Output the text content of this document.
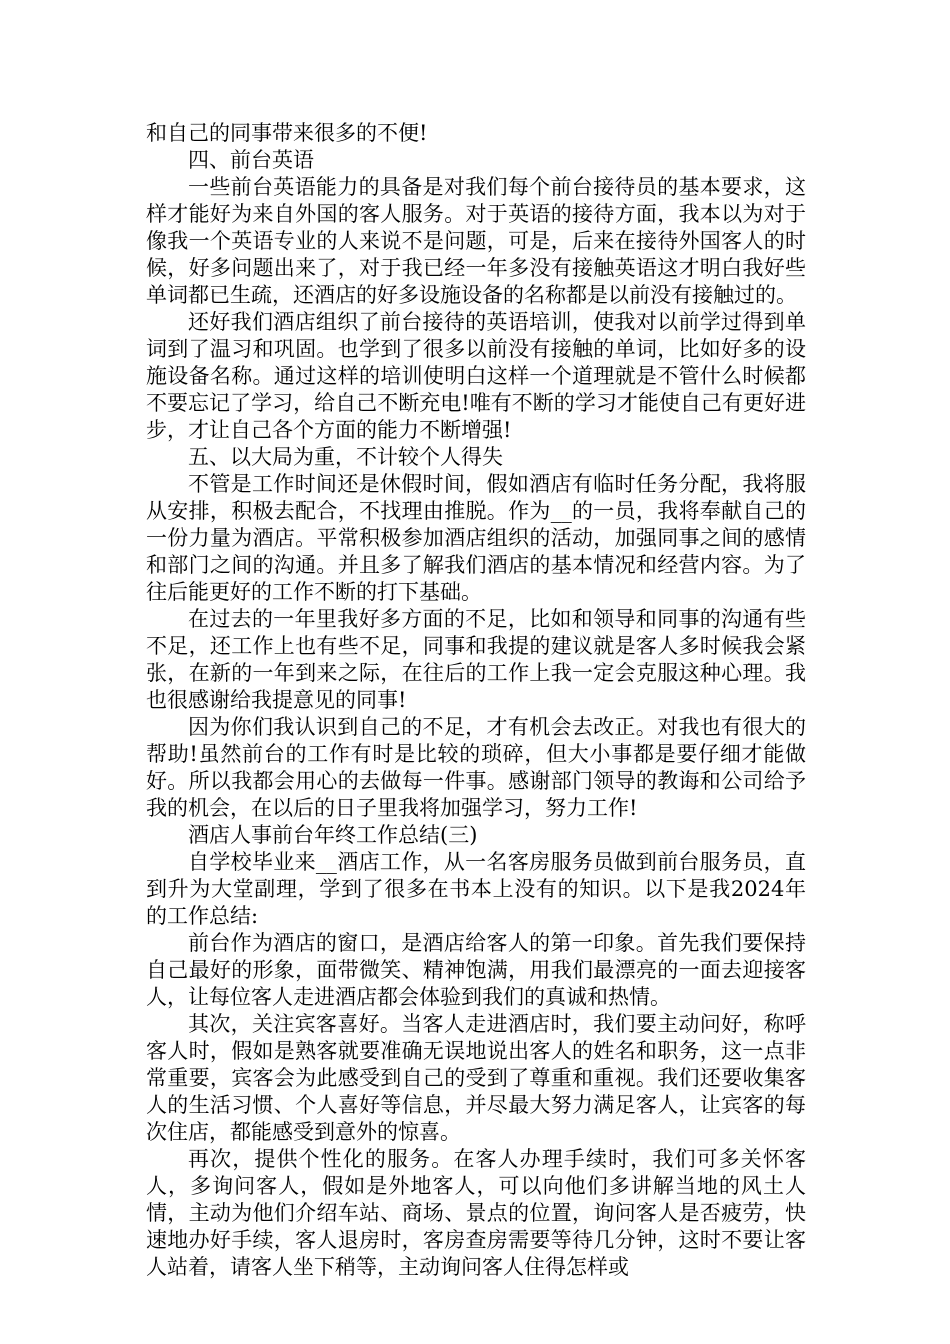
和自己的同事带来很多的不便!

四、前台英语

一些前台英语能力的具备是对我们每个前台接待员的基本要求，这样才能好为来自外国的客人服务。对于英语的接待方面，我本以为对于像我一个英语专业的人来说不是问题，可是，后来在接待外国客人的时候，好多问题出来了，对于我已经一年多没有接触英语这才明白我好些单词都已生疏，还酒店的好多设施设备的名称都是以前没有接触过的。

还好我们酒店组织了前台接待的英语培训，使我对以前学过得到单词到了温习和巩固。也学到了很多以前没有接触的单词，比如好多的设施设备名称。通过这样的培训使明白这样一个道理就是不管什么时候都不要忘记了学习，给自己不断充电!唯有不断的学习才能使自己有更好进步，才让自己各个方面的能力不断增强!

五、以大局为重，不计较个人得失

不管是工作时间还是休假时间，假如酒店有临时任务分配，我将服从安排，积极去配合，不找理由推脱。作为__的一员，我将奉献自己的一份力量为酒店。平常积极参加酒店组织的活动，加强同事之间的感情和部门之间的沟通。并且多了解我们酒店的基本情况和经营内容。为了往后能更好的工作不断的打下基础。

在过去的一年里我好多方面的不足，比如和领导和同事的沟通有些不足，还工作上也有些不足，同事和我提的建议就是客人多时候我会紧张，在新的一年到来之际，在往后的工作上我一定会克服这种心理。我也很感谢给我提意见的同事!

因为你们我认识到自己的不足，才有机会去改正。对我也有很大的帮助!虽然前台的工作有时是比较的琐碎，但大小事都是要仔细才能做好。所以我都会用心的去做每一件事。感谢部门领导的教诲和公司给予我的机会，在以后的日子里我将加强学习，努力工作!

酒店人事前台年终工作总结(三)

自学校毕业来__酒店工作，从一名客房服务员做到前台服务员，直到升为大堂副理，学到了很多在书本上没有的知识。以下是我2024年的工作总结:

前台作为酒店的窗口，是酒店给客人的第一印象。首先我们要保持自己最好的形象，面带微笑、精神饱满，用我们最漂亮的一面去迎接客人，让每位客人走进酒店都会体验到我们的真诚和热情。

其次，关注宾客喜好。当客人走进酒店时，我们要主动问好，称呼客人时，假如是熟客就要准确无误地说出客人的姓名和职务，这一点非常重要，宾客会为此感受到自己的受到了尊重和重视。我们还要收集客人的生活习惯、个人喜好等信息，并尽最大努力满足客人，让宾客的每次住店，都能感受到意外的惊喜。

再次，提供个性化的服务。在客人办理手续时，我们可多关怀客人，多询问客人，假如是外地客人，可以向他们多讲解当地的风土人情，主动为他们介绍车站、商场、景点的位置，询问客人是否疲劳，快速地办好手续，客人退房时，客房查房需要等待几分钟，这时不要让客人站着，请客人坐下稍等，主动询问客人住得怎样或
